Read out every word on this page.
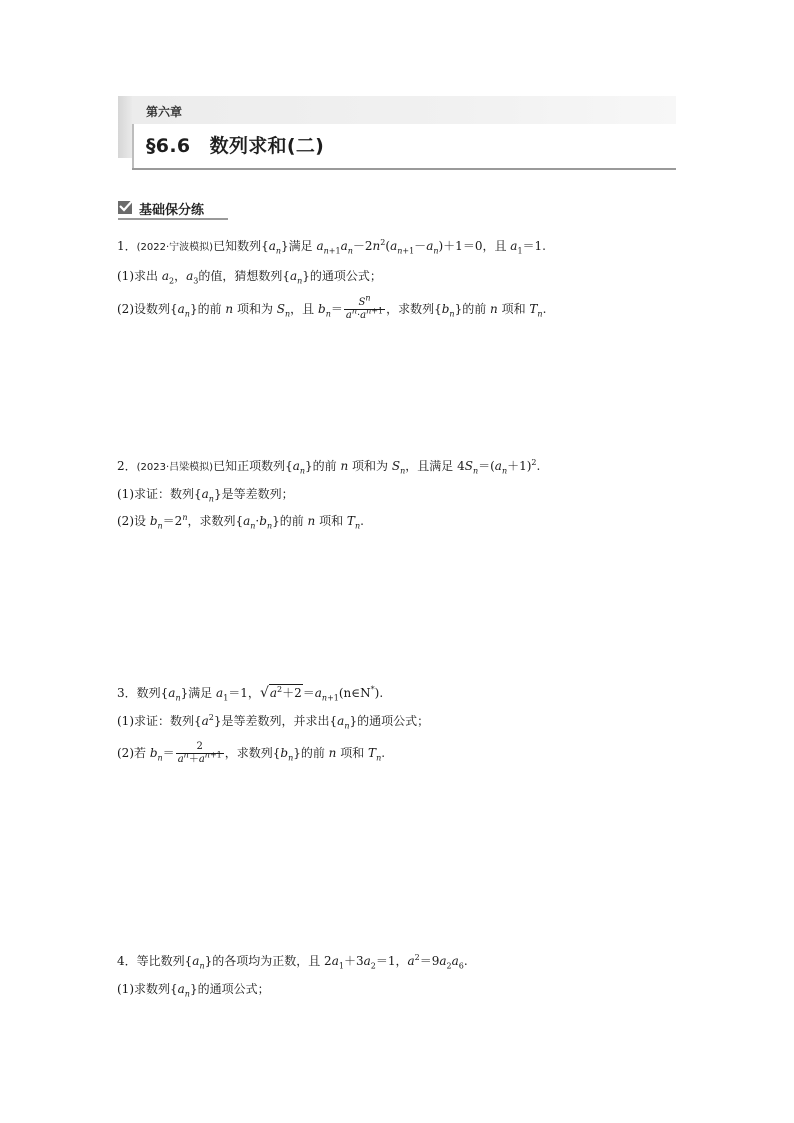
第六章
§6.6　数列求和(二)
基础保分练
1．(2022·宁波模拟)已知数列$\{a_n\}$满足 $a_{n+1}a_n-2n^2(a_{n+1}-a_n)+1=0$，且 $a_1=1$.
(1)求出 $a_2$，$a_3$的值，猜想数列$\{a_n\}$的通项公式；
(2)设数列$\{a_n\}$的前 n 项和为 $S_n$，且 $b_n= \frac{S^n}{a^n\cdot a^{n+1}}$ ，求数列$\{b_n\}$的前 n 项和 $T_n$.
2．(2023·吕梁模拟)已知正项数列$\{a_n\}$的前 n 项和为 $S_n$，且满足 $4S_n=(a_n+1)^2$.
(1)求证：数列$\{a_n\}$是等差数列；
(2)设 $b_n=2^n$，求数列$\{a_n\cdot b_n\}$的前 n 项和 $T_n$.
3．数列$\{a_n\}$满足 $a_1=1$，$√a^2+2=a_{n+1}(n\in N^*)$.
(1)求证：数列$\{a^2\}$是等差数列，并求出$\{a_n\}$的通项公式；
(2)若 $b_n= \frac{2}{a^n+a^{n+1}}$ ，求数列$\{b_n\}$的前 n 项和 $T_n$.
4．等比数列$\{a_n\}$的各项均为正数，且 $2a_1+3a_2=1$，$a^2=9a_2a_6$.
(1)求数列$\{a_n\}$的通项公式；
